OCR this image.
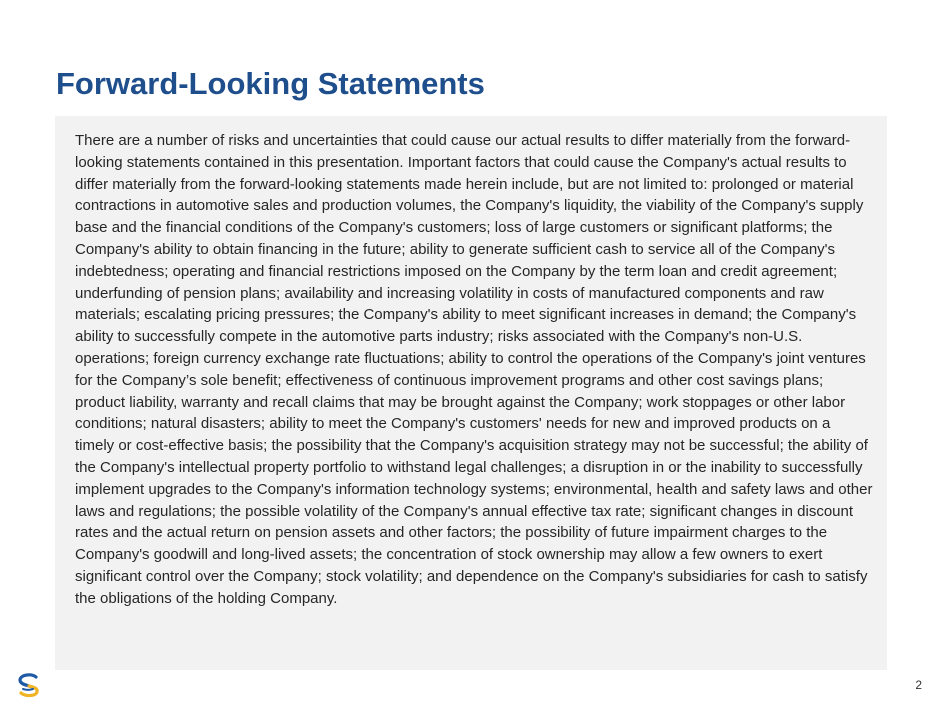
Forward-Looking Statements

There are a number of risks and uncertainties that could cause our actual results to differ materially from the forward-looking statements contained in this presentation. Important factors that could cause the Company's actual results to differ materially from the forward-looking statements made herein include, but are not limited to: prolonged or material contractions in automotive sales and production volumes, the Company's liquidity, the viability of the Company's supply base and the financial conditions of the Company's customers; loss of large customers or significant platforms; the Company's ability to obtain financing in the future; ability to generate sufficient cash to service all of the Company's indebtedness; operating and financial restrictions imposed on the Company by the term loan and credit agreement; underfunding of pension plans; availability and increasing volatility in costs of manufactured components and raw materials; escalating pricing pressures; the Company's ability to meet significant increases in demand; the Company's ability to successfully compete in the automotive parts industry; risks associated with the Company's non-U.S. operations; foreign currency exchange rate fluctuations; ability to control the operations of the Company's joint ventures for the Company’s sole benefit; effectiveness of continuous improvement programs and other cost savings plans; product liability, warranty and recall claims that may be brought against the Company; work stoppages or other labor conditions; natural disasters; ability to meet the Company's customers' needs for new and improved products on a timely or cost-effective basis; the possibility that the Company's acquisition strategy may not be successful; the ability of the Company's intellectual property portfolio to withstand legal challenges; a disruption in or the inability to successfully implement upgrades to the Company's information technology systems; environmental, health and safety laws and other laws and regulations; the possible volatility of the Company's annual effective tax rate; significant changes in discount rates and the actual return on pension assets and other factors; the possibility of future impairment charges to the Company's goodwill and long-lived assets; the concentration of stock ownership may allow a few owners to exert significant control over the Company; stock volatility; and dependence on the Company's subsidiaries for cash to satisfy the obligations of the holding Company.

2
